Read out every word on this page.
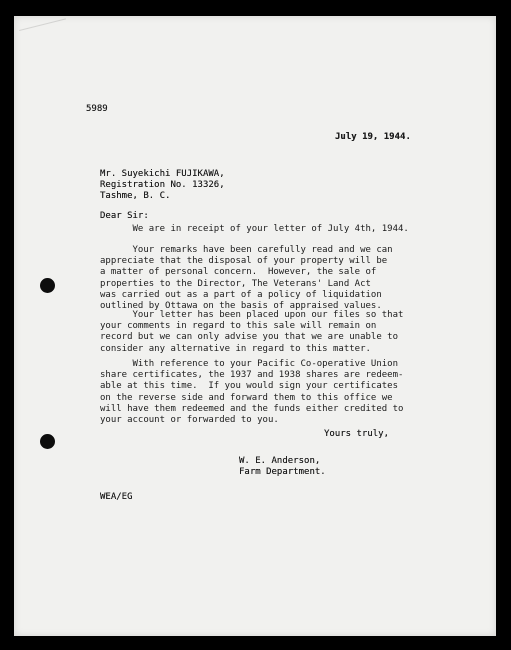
5989
July 19, 1944.
Mr. Suyekichi FUJIKAWA,
Registration No. 13326,
Tashme, B. C.
Dear Sir:
We are in receipt of your letter of July 4th, 1944.
Your remarks have been carefully read and we can
appreciate that the disposal of your property will be
a matter of personal concern.  However, the sale of
properties to the Director, The Veterans' Land Act
was carried out as a part of a policy of liquidation
outlined by Ottawa on the basis of appraised values.
Your letter has been placed upon our files so that
your comments in regard to this sale will remain on
record but we can only advise you that we are unable to
consider any alternative in regard to this matter.
With reference to your Pacific Co-operative Union
share certificates, the 1937 and 1938 shares are redeem-
able at this time.  If you would sign your certificates
on the reverse side and forward them to this office we
will have them redeemed and the funds either credited to
your account or forwarded to you.
Yours truly,
W. E. Anderson,
Farm Department.
WEA/EG
